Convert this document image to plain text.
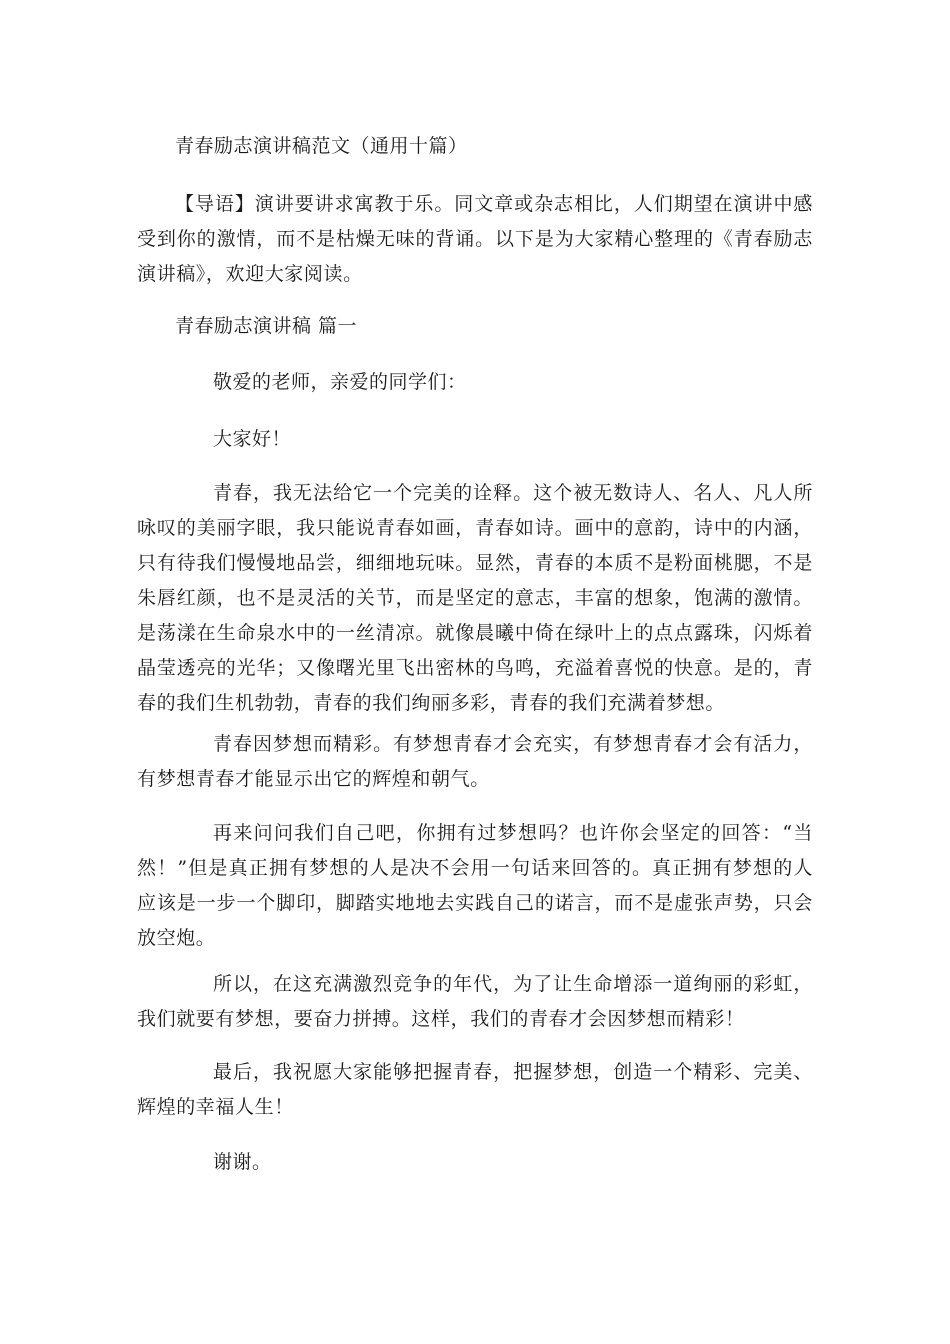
青春励志演讲稿范文（通用十篇）
【导语】演讲要讲求寓教于乐。同文章或杂志相比，人们期望在演讲中感受到你的激情，而不是枯燥无味的背诵。以下是为大家精心整理的《青春励志演讲稿》，欢迎大家阅读。
青春励志演讲稿 篇一
敬爱的老师，亲爱的同学们：
大家好！
青春，我无法给它一个完美的诠释。这个被无数诗人、名人、凡人所咏叹的美丽字眼，我只能说青春如画，青春如诗。画中的意韵，诗中的内涵，只有待我们慢慢地品尝，细细地玩味。显然，青春的本质不是粉面桃腮，不是朱唇红颜，也不是灵活的关节，而是坚定的意志，丰富的想象，饱满的激情。是荡漾在生命泉水中的一丝清凉。就像晨曦中倚在绿叶上的点点露珠，闪烁着晶莹透亮的光华；又像曙光里飞出密林的鸟鸣，充溢着喜悦的快意。是的，青春的我们生机勃勃，青春的我们绚丽多彩，青春的我们充满着梦想。
青春因梦想而精彩。有梦想青春才会充实，有梦想青春才会有活力，有梦想青春才能显示出它的辉煌和朝气。
再来问问我们自己吧，你拥有过梦想吗？也许你会坚定的回答：“当然！”但是真正拥有梦想的人是决不会用一句话来回答的。真正拥有梦想的人应该是一步一个脚印，脚踏实地地去实践自己的诺言，而不是虚张声势，只会放空炮。
所以，在这充满激烈竞争的年代，为了让生命增添一道绚丽的彩虹，我们就要有梦想，要奋力拼搏。这样，我们的青春才会因梦想而精彩！
最后，我祝愿大家能够把握青春，把握梦想，创造一个精彩、完美、辉煌的幸福人生！
谢谢。
